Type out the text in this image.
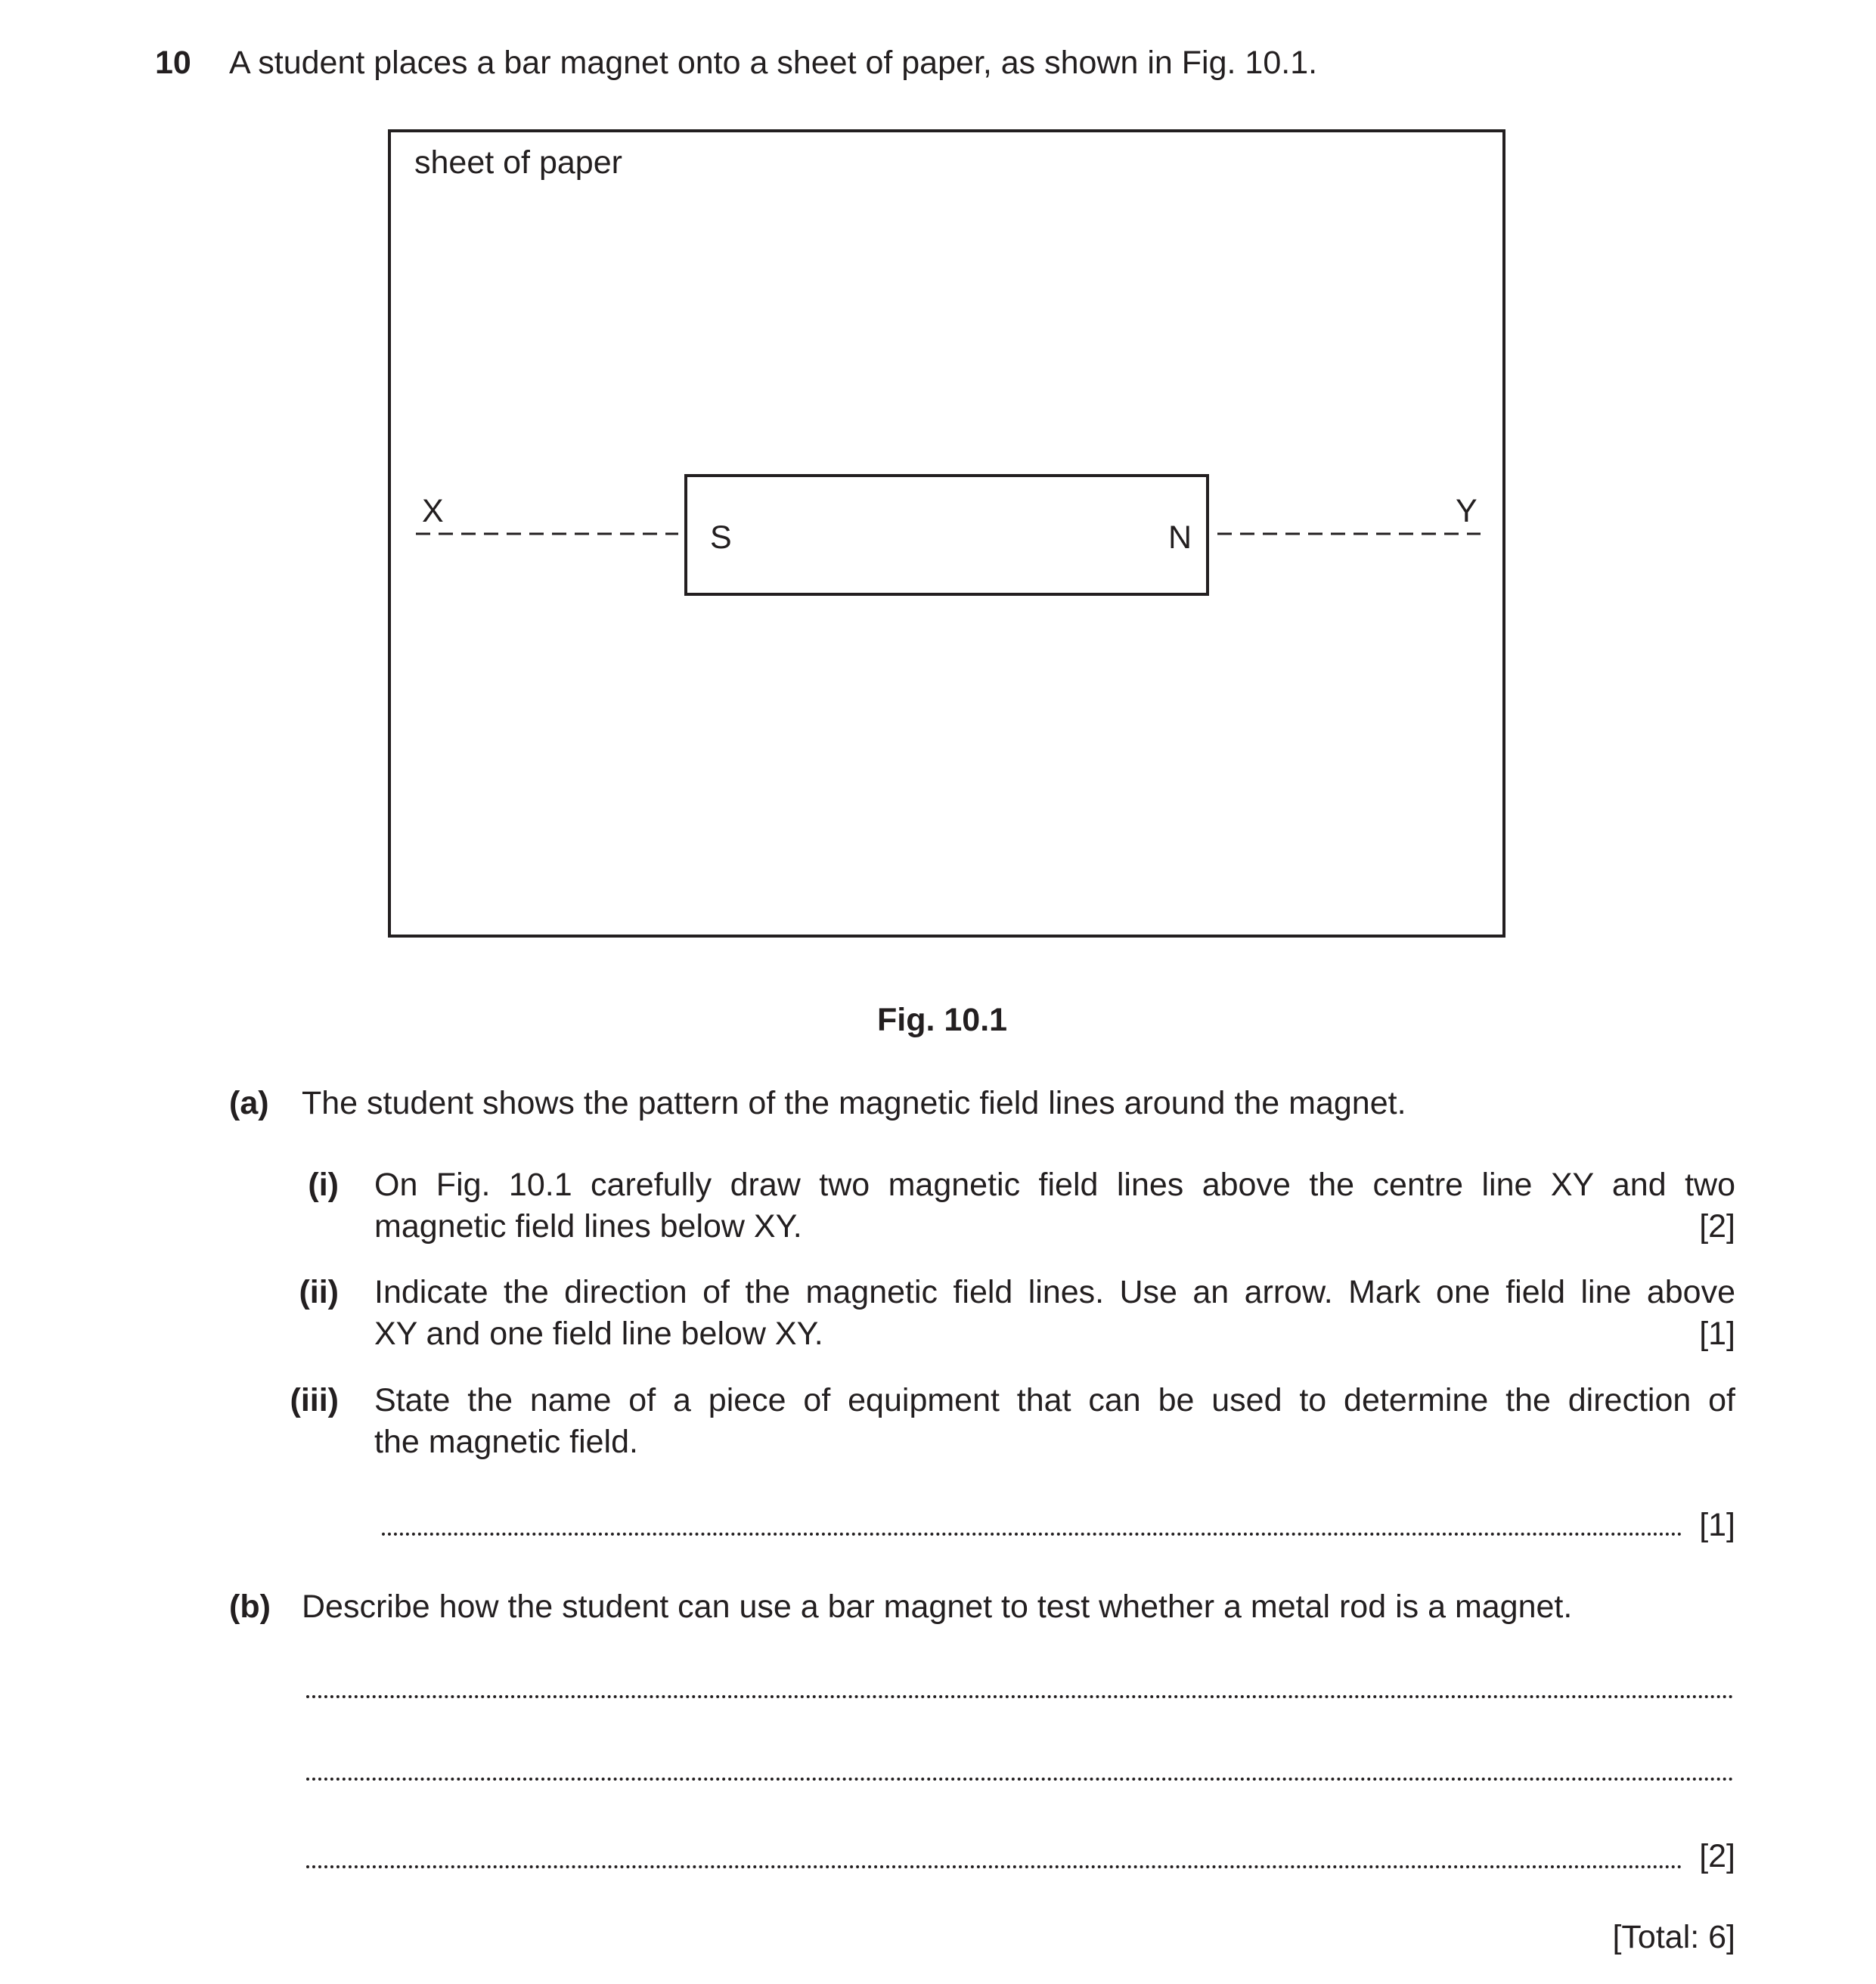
10 A student places a bar magnet onto a sheet of paper, as shown in Fig. 10.1.
sheet of paper
X	Y
S	N
Fig. 10.1
(a) The student shows the pattern of the magnetic field lines around the magnet.
(i) On Fig. 10.1 carefully draw two magnetic field lines above the centre line XY and two
magnetic field lines below XY.	[2]
(ii) Indicate the direction of the magnetic field lines. Use an arrow. Mark one field line above
XY and one field line below XY.	[1]
(iii) State the name of a piece of equipment that can be used to determine the direction of
the magnetic field.
[1]
(b) Describe how the student can use a bar magnet to test whether a metal rod is a magnet.
[2]
[Total: 6]
